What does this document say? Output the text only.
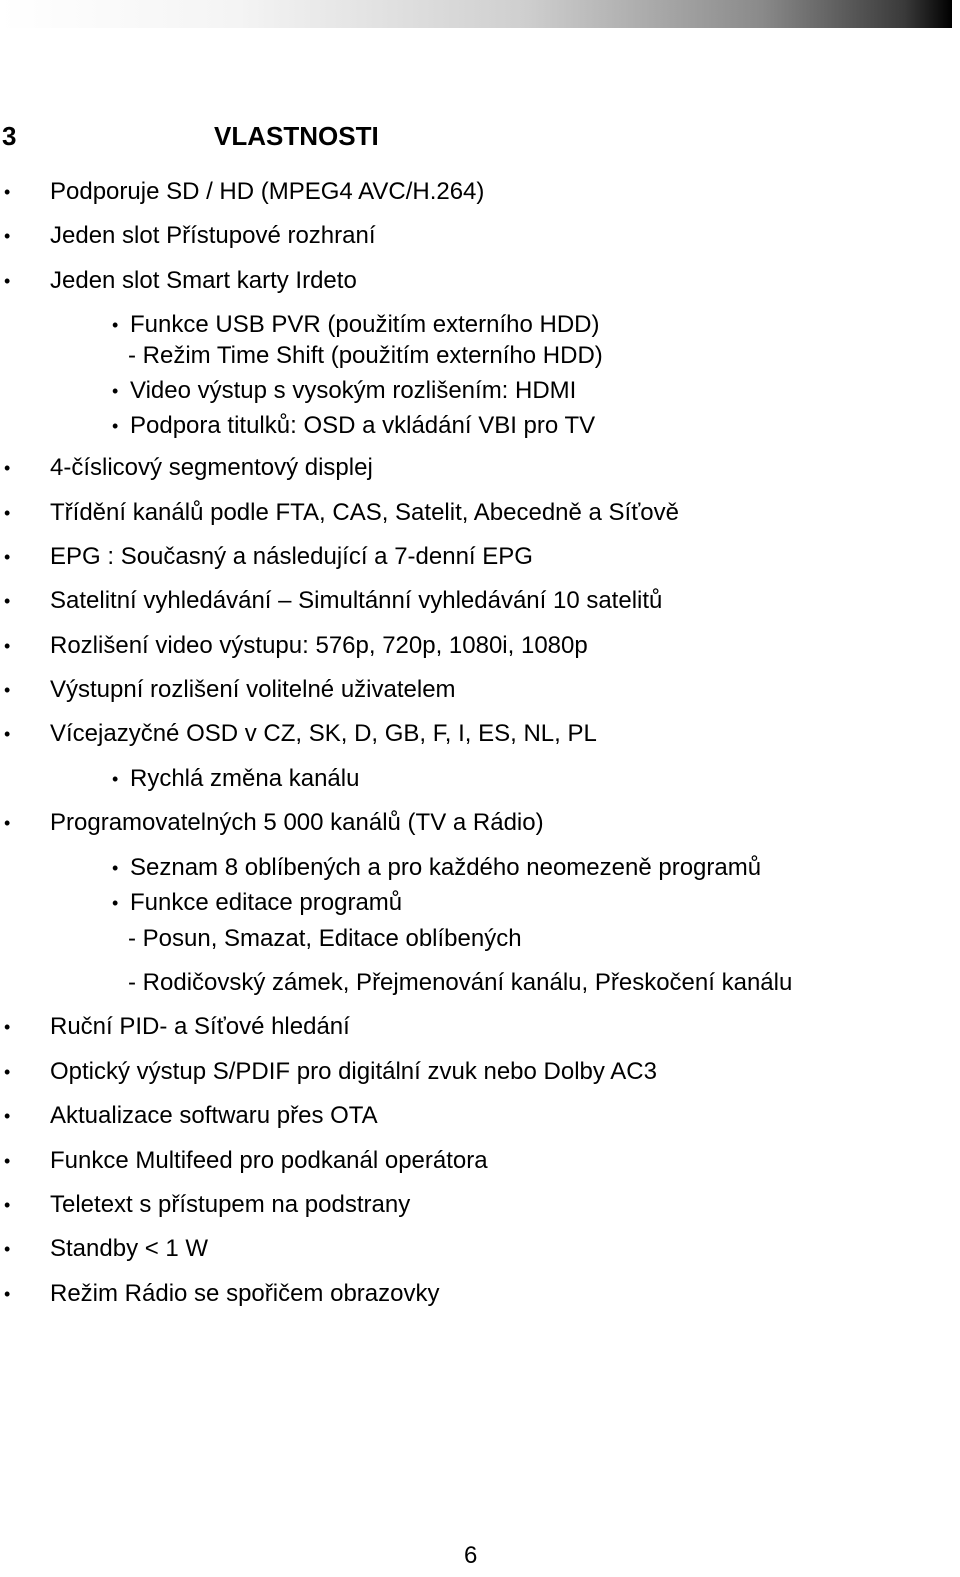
3	VLASTNOSTI
• Podporuje SD / HD (MPEG4 AVC/H.264)
• Jeden slot Přístupové rozhraní
• Jeden slot Smart karty Irdeto
• Funkce USB PVR (použitím externího HDD)
- Režim Time Shift (použitím externího HDD)
• Video výstup s vysokým rozlišením: HDMI
• Podpora titulků: OSD a vkládání VBI pro TV
• 4-číslicový segmentový displej
• Třídění kanálů podle FTA, CAS, Satelit, Abecedně a Síťově
• EPG : Současný a následující a 7-denní EPG
• Satelitní vyhledávání – Simultánní vyhledávání 10 satelitů
• Rozlišení video výstupu: 576p, 720p, 1080i, 1080p
• Výstupní rozlišení volitelné uživatelem
• Vícejazyčné OSD v CZ, SK, D, GB, F, I, ES, NL, PL
• Rychlá změna kanálu
• Programovatelných 5 000 kanálů (TV a Rádio)
• Seznam 8 oblíbených a pro každého neomezeně programů
• Funkce editace programů
- Posun, Smazat, Editace oblíbených
- Rodičovský zámek, Přejmenování kanálu, Přeskočení kanálu
• Ruční PID- a Síťové hledání
• Optický výstup S/PDIF pro digitální zvuk nebo Dolby AC3
• Aktualizace softwaru přes OTA
• Funkce Multifeed pro podkanál operátora
• Teletext s přístupem na podstrany
• Standby < 1 W
• Režim Rádio se spořičem obrazovky
6
